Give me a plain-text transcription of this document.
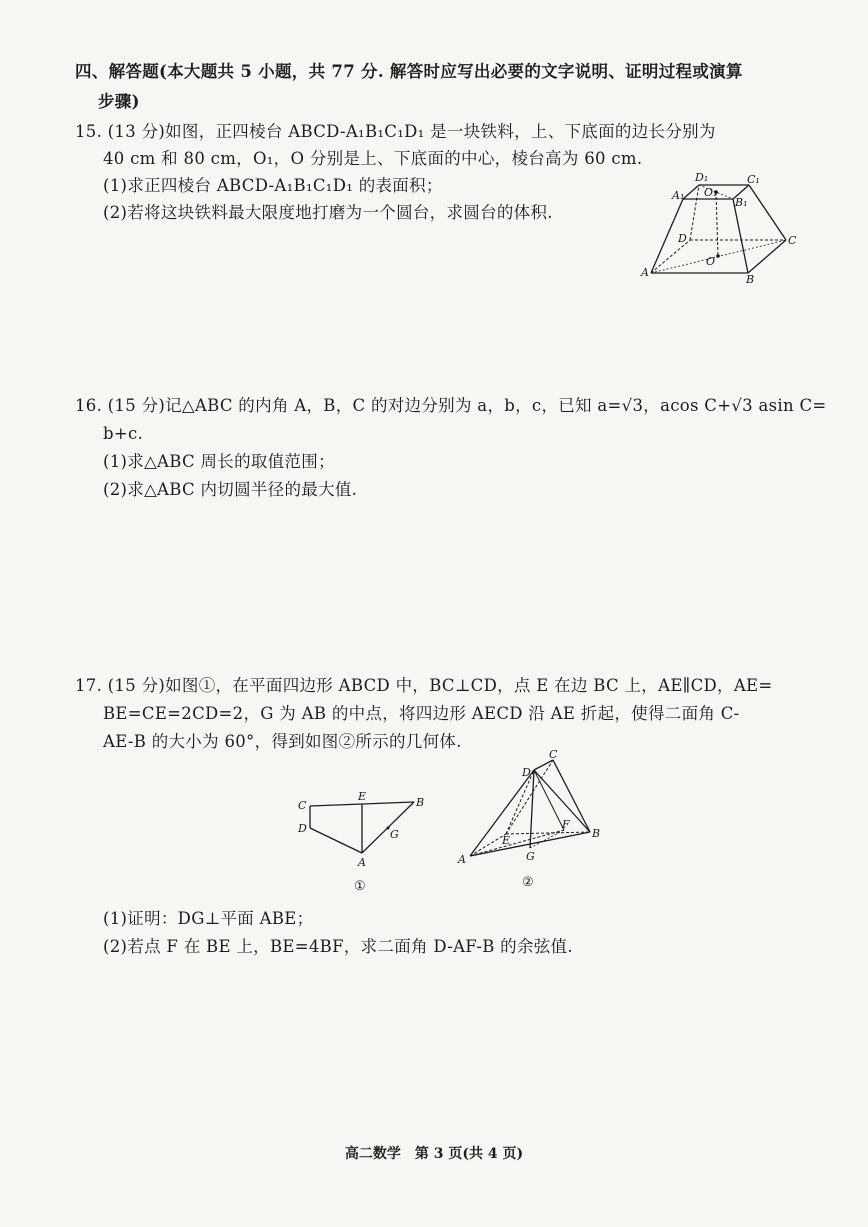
四、解答题(本大题共 5 小题，共 77 分. 解答时应写出必要的文字说明、证明过程或演算
步骤)
15. (13 分)如图，正四棱台 ABCD-A₁B₁C₁D₁ 是一块铁料，上、下底面的边长分别为
40 cm 和 80 cm，O₁，O 分别是上、下底面的中心，棱台高为 60 cm.
(1)求正四棱台 ABCD-A₁B₁C₁D₁ 的表面积；
(2)若将这块铁料最大限度地打磨为一个圆台，求圆台的体积.
D₁	C₁
A₁
B₁
O₁
D	C
O
A
B
16. (15 分)记△ABC 的内角 A，B，C 的对边分别为 a，b，c，已知 a=√3，acos C+√3 asin C=
b+c.
(1)求△ABC 周长的取值范围；
(2)求△ABC 内切圆半径的最大值.
17. (15 分)如图①，在平面四边形 ABCD 中，BC⊥CD，点 E 在边 BC 上，AE∥CD，AE=
BE=CE=2CD=2，G 为 AB 的中点，将四边形 AECD 沿 AE 折起，使得二面角 C-
AE-B 的大小为 60°，得到如图②所示的几何体.
C
E	B
D	G
A
①
C
D
E
F
B
G
A
②
(1)证明：DG⊥平面 ABE；
(2)若点 F 在 BE 上，BE=4BF，求二面角 D-AF-B 的余弦值.
高二数学　第 3 页(共 4 页)
